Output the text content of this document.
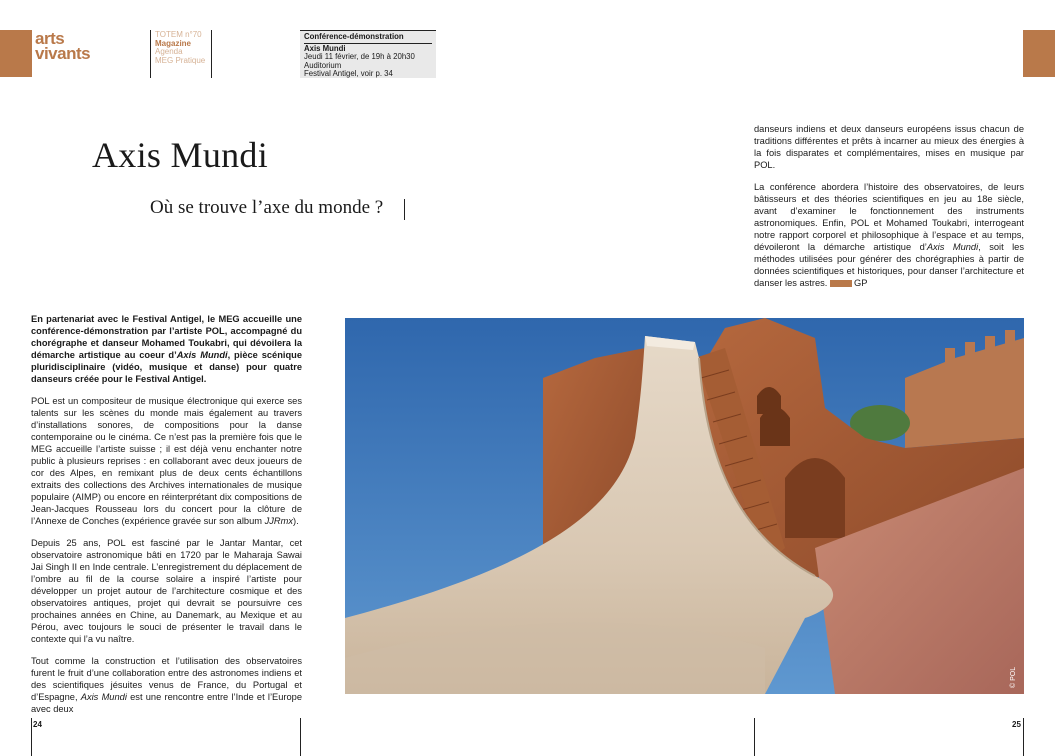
arts
vivants
TOTEM n°70
Magazine
Agenda
MEG Pratique
Conférence-démonstration
Axis Mundi
Jeudi 11 février, de 19h à 20h30
Auditorium
Festival Antigel, voir p. 34
Axis Mundi
Où se trouve l’axe du monde ?

En partenariat avec le Festival Antigel, le MEG accueille une conférence-démonstration par l’artiste POL, accompagné du chorégraphe et danseur Mohamed Toukabri, qui dévoilera la démarche artistique au coeur d’Axis Mundi, pièce scénique pluridisciplinaire (vidéo, musique et danse) pour quatre danseurs créée pour le Festival Antigel.

POL est un compositeur de musique électronique qui exerce ses talents sur les scènes du monde mais également au travers d’installations sonores, de compositions pour la danse contemporaine ou le cinéma. Ce n’est pas la première fois que le MEG accueille l’artiste suisse ; il est déjà venu enchanter notre public à plusieurs reprises : en collaborant avec deux joueurs de cor des Alpes, en remixant plus de deux cents échantillons extraits des collections des Archives internationales de musique populaire (AIMP) ou encore en réinterprétant dix compositions de Jean-Jacques Rousseau lors du concert pour la clôture de l’Annexe de Conches (expérience gravée sur son album JJRmx).

Depuis 25 ans, POL est fasciné par le Jantar Mantar, cet observatoire astronomique bâti en 1720 par le Maharaja Sawai Jai Singh II en Inde centrale. L’enregistrement du déplacement de l’ombre au fil de la course solaire a inspiré l’artiste pour développer un projet autour de l’architecture cosmique et des observatoires antiques, projet qui devrait se poursuivre ces prochaines années en Chine, au Danemark, au Mexique et au Pérou, avec toujours le souci de présenter le travail dans le contexte qui l’a vu naître.

Tout comme la construction et l’utilisation des observatoires furent le fruit d’une collaboration entre des astronomes indiens et des scientifiques jésuites venus de France, du Portugal et d’Espagne, Axis Mundi est une rencontre entre l’Inde et l’Europe avec deux

danseurs indiens et deux danseurs européens issus chacun de traditions différentes et prêts à incarner au mieux des énergies à la fois disparates et complémentaires, mises en musique par POL.

La conférence abordera l’histoire des observatoires, de leurs bâtisseurs et des théories scientifiques en jeu au 18e siècle, avant d’examiner le fonctionnement des instruments astronomiques. Enfin, POL et Mohamed Toukabri, interrogeant notre rapport corporel et philosophique à l’espace et au temps, dévoileront la démarche artistique d’Axis Mundi, soit les méthodes utilisées pour générer des chorégraphies à partir de données scientifiques et historiques, pour danser l’architecture et danser les astres.	GP

© POL
24	25
